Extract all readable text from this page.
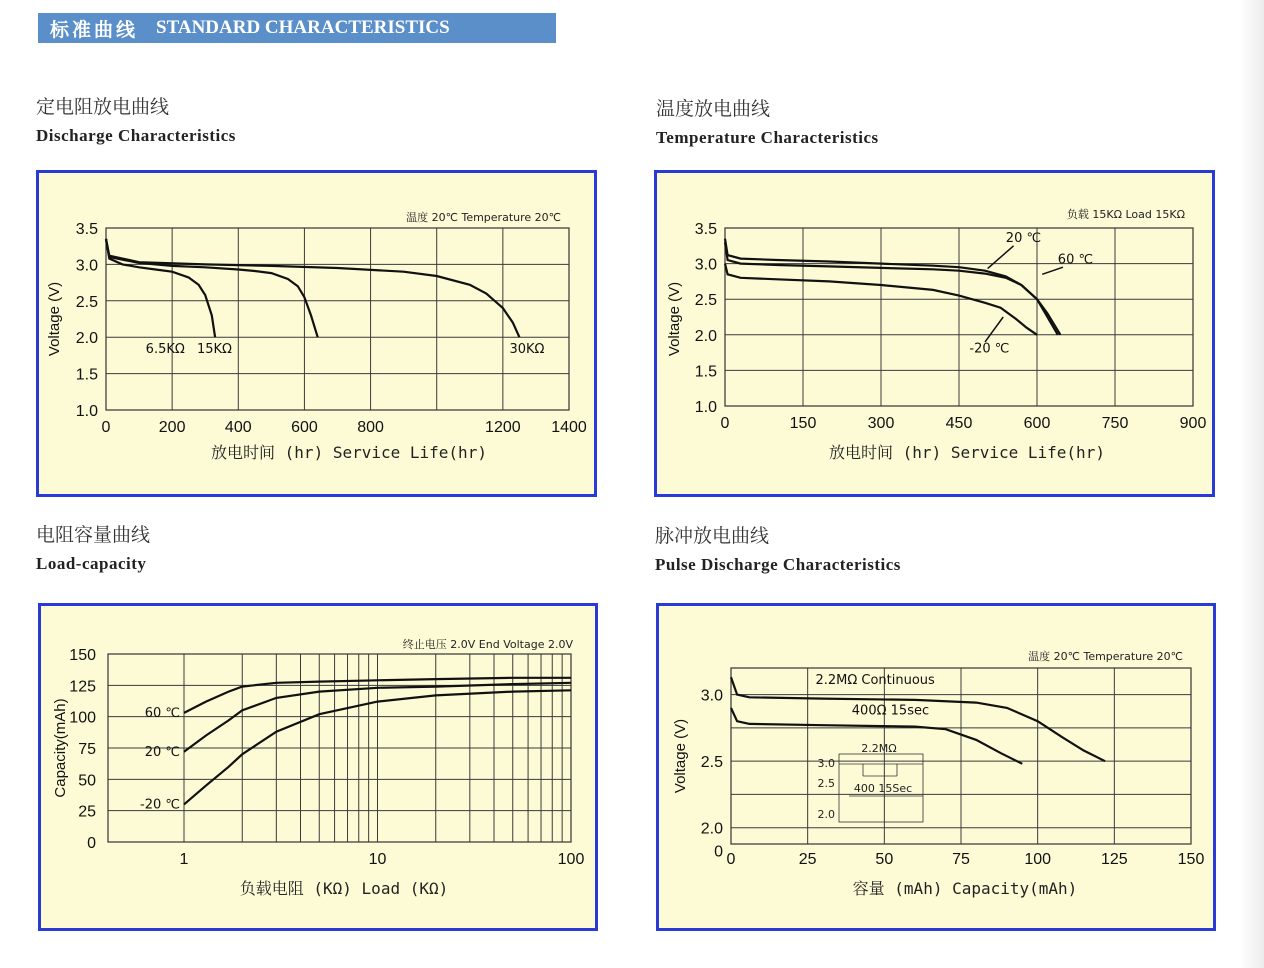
标准曲线 STANDARD CHARACTERISTICS
定电阻放电曲线
Discharge Characteristics
温度放电曲线
Temperature Characteristics
电阻容量曲线
Load-capacity
脉冲放电曲线
Pulse Discharge Characteristics
0	200 400 600 800	1200 1400
1.0
1.5
2.0
2.5
3.0
3.5
温度 20℃ Temperature 20℃
放电时间 (hr) Service Life(hr)
Voltage (V)	6.5KΩ 15KΩ	30KΩ
0	150	300	450	600	750	900
1.0
1.5
2.0
2.5
3.0
3.5
负载 15KΩ Load 15KΩ
放电时间 (hr) Service Life(hr)
Voltage (V)
20 ℃
60 ℃
-20 ℃
1	10	100
0
25
50
75
100
125
150
终止电压 2.0V End Voltage 2.0V
负载电阻 (KΩ) Load (KΩ)
Capacity(mAh)	60 ℃
20 ℃
-20 ℃
0	25	50	75	100	125	150
0
2.0
2.5
3.0
温度 20℃ Temperature 20℃
容量 (mAh) Capacity(mAh)
Voltage (V)
2.2MΩ Continuous
400Ω 15sec
3.0
2.5
2.0
2.2MΩ
400 15Sec
